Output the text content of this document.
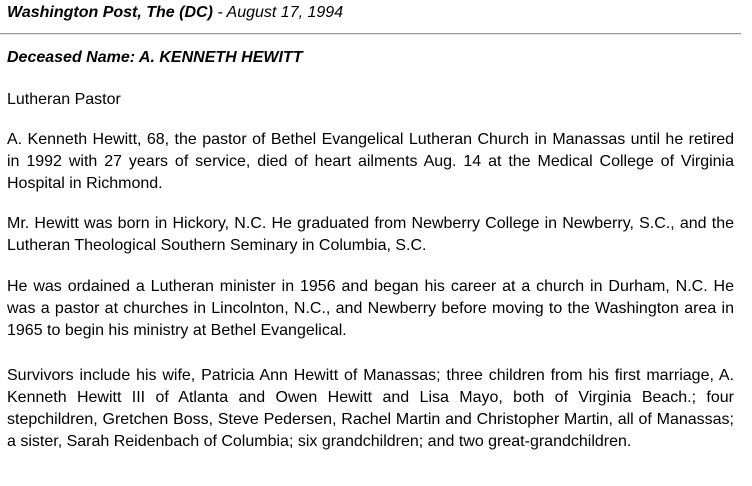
Washington Post, The (DC) - August 17, 1994
Deceased Name: A. KENNETH HEWITT
Lutheran Pastor

A. Kenneth Hewitt, 68, the pastor of Bethel Evangelical Lutheran Church in Manassas until he retired in 1992 with 27 years of service, died of heart ailments Aug. 14 at the Medical College of Virginia Hospital in Richmond.

Mr. Hewitt was born in Hickory, N.C. He graduated from Newberry College in Newberry, S.C., and the Lutheran Theological Southern Seminary in Columbia, S.C.

He was ordained a Lutheran minister in 1956 and began his career at a church in Durham, N.C. He was a pastor at churches in Lincolnton, N.C., and Newberry before moving to the Washington area in 1965 to begin his ministry at Bethel Evangelical.

Survivors include his wife, Patricia Ann Hewitt of Manassas; three children from his first marriage, A. Kenneth Hewitt III of Atlanta and Owen Hewitt and Lisa Mayo, both of Virginia Beach.; four stepchildren, Gretchen Boss, Steve Pedersen, Rachel Martin and Christopher Martin, all of Manassas; a sister, Sarah Reidenbach of Columbia; six grandchildren; and two great-grandchildren.
